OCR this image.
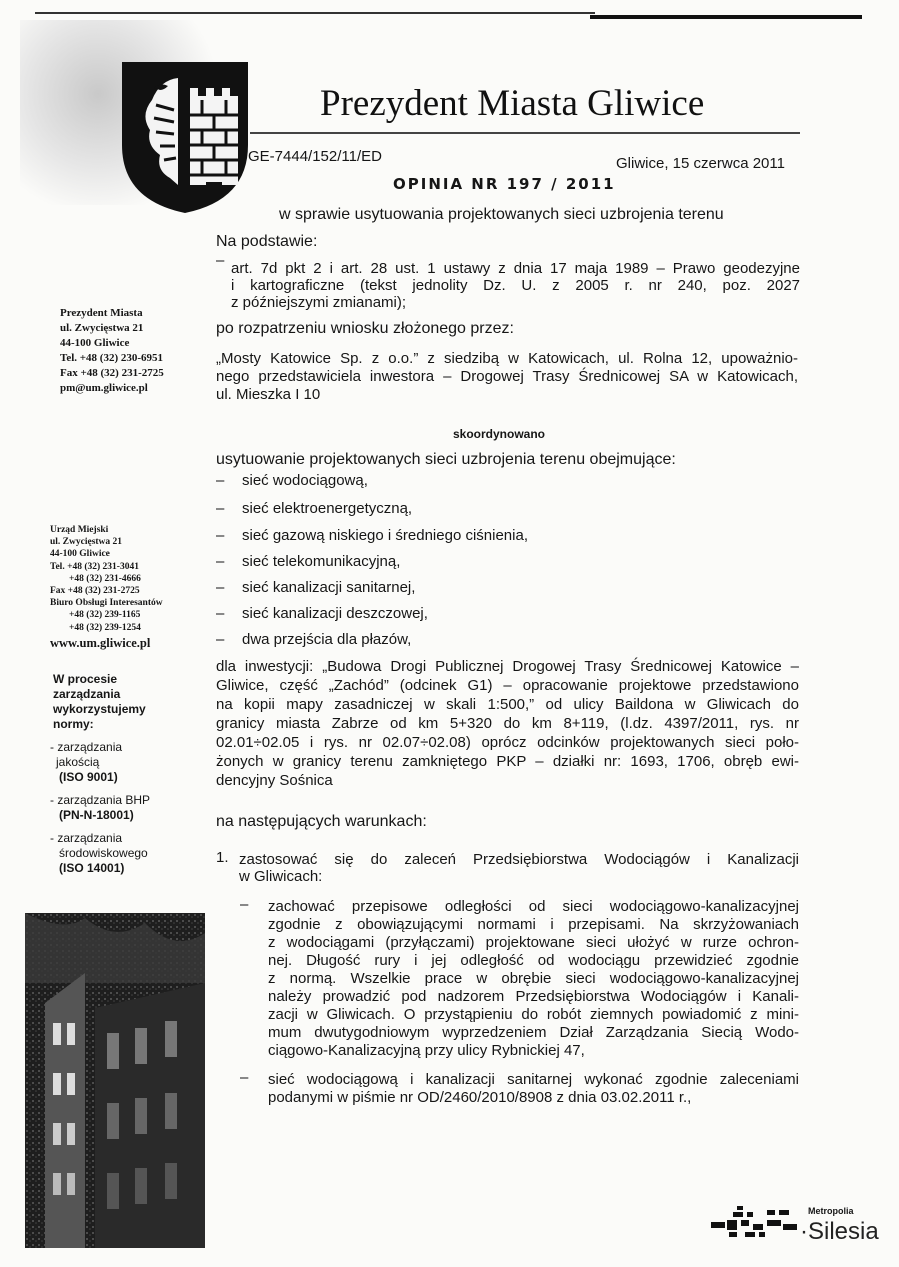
Prezydent Miasta Gliwice
GE-7444/152/11/ED	Gliwice, 15 czerwca 2011
OPINIA NR 197 / 2011
w sprawie usytuowania projektowanych sieci uzbrojenia terenu
Prezydent Miasta
ul. Zwycięstwa 21
44-100 Gliwice
Tel. +48 (32) 230-6951
Fax +48 (32) 231-2725
pm@um.gliwice.pl
Urząd Miejski
ul. Zwycięstwa 21
44-100 Gliwice
Tel. +48 (32) 231-3041
+48 (32) 231-4666
Fax +48 (32) 231-2725
Biuro Obsługi Interesantów
+48 (32) 239-1165
+48 (32) 239-1254
www.um.gliwice.pl
W procesie
zarządzania
wykorzystujemy
normy:
- zarządzania
jakością
(ISO 9001)
- zarządzania BHP
(PN-N-18001)
- zarządzania
środowiskowego
(ISO 14001)
Na podstawie:
– art. 7d pkt 2 i art. 28 ust. 1 ustawy z dnia 17 maja 1989 – Prawo geodezyjne
i kartograficzne (tekst jednolity Dz. U. z 2005 r. nr 240, poz. 2027
z późniejszymi zmianami);
po rozpatrzeniu wniosku złożonego przez:
„Mosty Katowice Sp. z o.o.” z siedzibą w Katowicach, ul. Rolna 12, upoważnio-
nego przedstawiciela inwestora – Drogowej Trasy Średnicowej SA w Katowicach,
ul. Mieszka I 10
skoordynowano
usytuowanie projektowanych sieci uzbrojenia terenu obejmujące:
– sieć wodociągową,
– sieć elektroenergetyczną,
– sieć gazową niskiego i średniego ciśnienia,
– sieć telekomunikacyjną,
– sieć kanalizacji sanitarnej,
– sieć kanalizacji deszczowej,
– dwa przejścia dla płazów,
dla inwestycji: „Budowa Drogi Publicznej Drogowej Trasy Średnicowej Katowice –
Gliwice, część „Zachód” (odcinek G1) – opracowanie projektowe przedstawiono
na kopii mapy zasadniczej w skali 1:500,” od ulicy Baildona w Gliwicach do
granicy miasta Zabrze od km 5+320 do km 8+119, (l.dz. 4397/2011, rys. nr
02.01÷02.05 i rys. nr 02.07÷02.08) oprócz odcinków projektowanych sieci poło-
żonych w granicy terenu zamkniętego PKP – działki nr: 1693, 1706, obręb ewi-
dencyjny Sośnica
na następujących warunkach:
1. zastosować się do zaleceń Przedsiębiorstwa Wodociągów i Kanalizacji
w Gliwicach:
– zachować przepisowe odległości od sieci wodociągowo-kanalizacyjnej
zgodnie z obowiązującymi normami i przepisami. Na skrzyżowaniach
z wodociągami (przyłączami) projektowane sieci ułożyć w rurze ochron-
nej. Długość rury i jej odległość od wodociągu przewidzieć zgodnie
z normą. Wszelkie prace w obrębie sieci wodociągowo-kanalizacyjnej
należy prowadzić pod nadzorem Przedsiębiorstwa Wodociągów i Kanali-
zacji w Gliwicach. O przystąpieniu do robót ziemnych powiadomić z mini-
mum dwutygodniowym wyprzedzeniem Dział Zarządzania Siecią Wodo-
ciągowo-Kanalizacyjną przy ulicy Rybnickiej 47,
– sieć wodociągową i kanalizacji sanitarnej wykonać zgodnie zaleceniami
podanymi w piśmie nr OD/2460/2010/8908 z dnia 03.02.2011 r.,
Metropolia
·Silesia
